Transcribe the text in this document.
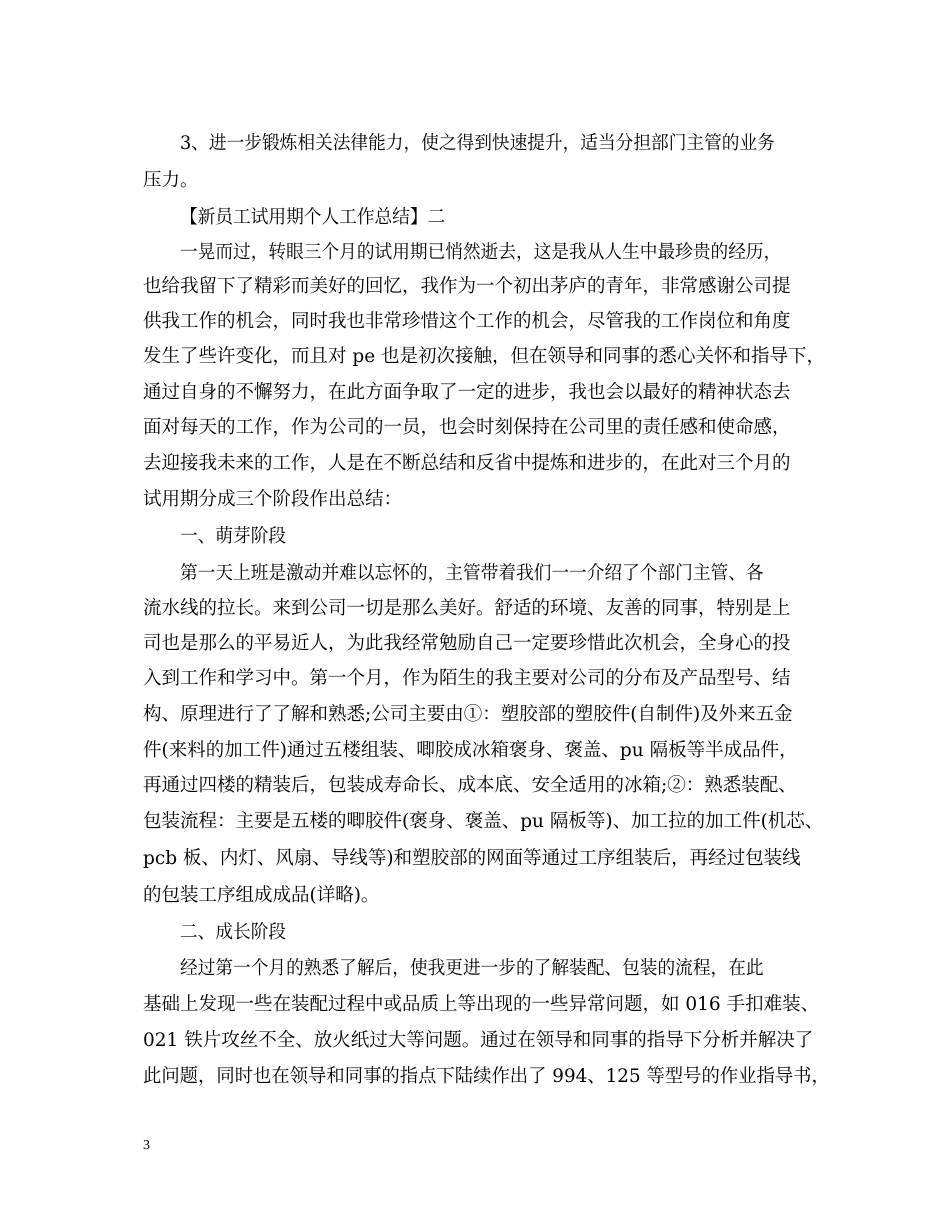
3、进一步锻炼相关法律能力，使之得到快速提升，适当分担部门主管的业务
压力。
【新员工试用期个人工作总结】二
一晃而过，转眼三个月的试用期已悄然逝去，这是我从人生中最珍贵的经历，
也给我留下了精彩而美好的回忆，我作为一个初出茅庐的青年，非常感谢公司提
供我工作的机会，同时我也非常珍惜这个工作的机会，尽管我的工作岗位和角度
发生了些许变化，而且对 pe 也是初次接触，但在领导和同事的悉心关怀和指导下，
通过自身的不懈努力，在此方面争取了一定的进步，我也会以最好的精神状态去
面对每天的工作，作为公司的一员，也会时刻保持在公司里的责任感和使命感，
去迎接我未来的工作，人是在不断总结和反省中提炼和进步的，在此对三个月的
试用期分成三个阶段作出总结：
一、萌芽阶段
第一天上班是激动并难以忘怀的，主管带着我们一一介绍了个部门主管、各
流水线的拉长。来到公司一切是那么美好。舒适的环境、友善的同事，特别是上
司也是那么的平易近人，为此我经常勉励自己一定要珍惜此次机会，全身心的投
入到工作和学习中。第一个月，作为陌生的我主要对公司的分布及产品型号、结
构、原理进行了了解和熟悉;公司主要由①：塑胶部的塑胶件(自制件)及外来五金
件(来料的加工件)通过五楼组装、唧胶成冰箱褒身、褒盖、pu 隔板等半成品件，
再通过四楼的精装后，包装成寿命长、成本底、安全适用的冰箱;②：熟悉装配、
包装流程：主要是五楼的唧胶件(褒身、褒盖、pu 隔板等)、加工拉的加工件(机芯、
pcb 板、内灯、风扇、导线等)和塑胶部的网面等通过工序组装后，再经过包装线
的包装工序组成成品(详略)。
二、成长阶段
经过第一个月的熟悉了解后，使我更进一步的了解装配、包装的流程，在此
基础上发现一些在装配过程中或品质上等出现的一些异常问题，如 016 手扣难装、
021 铁片攻丝不全、放火纸过大等问题。通过在领导和同事的指导下分析并解决了
此问题，同时也在领导和同事的指点下陆续作出了 994、125 等型号的作业指导书，
3
